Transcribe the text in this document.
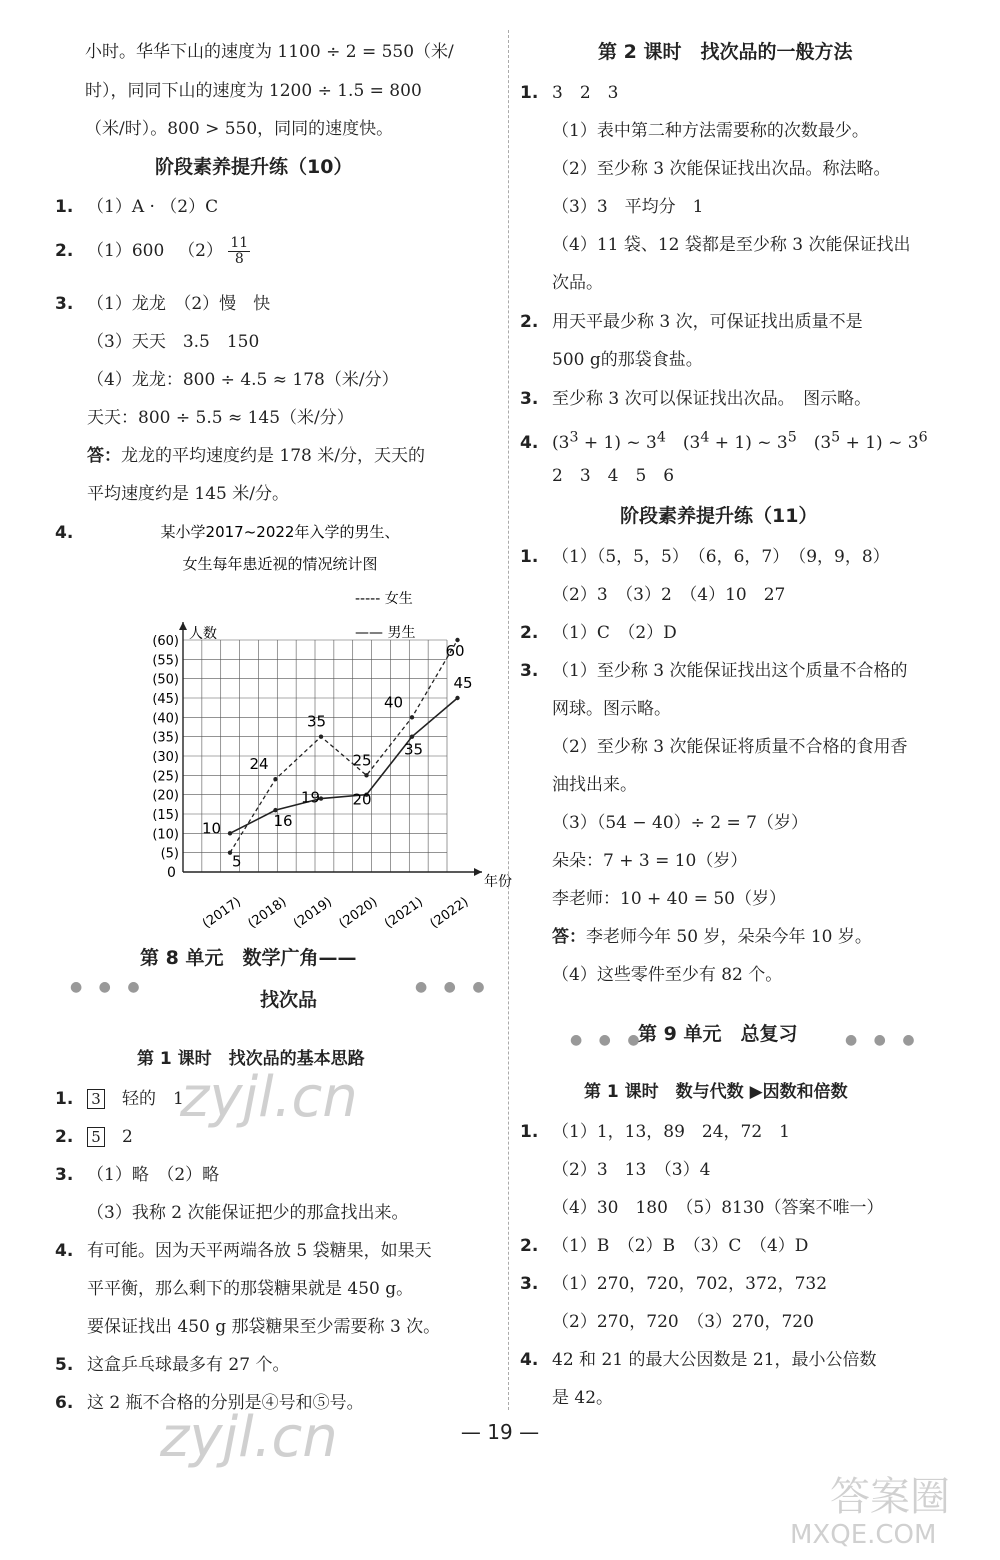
小时。华华下山的速度为 1100 ÷ 2 = 550（米/
时），同同下山的速度为 1200 ÷ 1.5 = 800
（米/时）。800 > 550，同同的速度快。
阶段素养提升练（10）
1. （1）A · （2）C
2. （1）600 　$(2) \frac{11}{8}$
3. （1）龙龙　（2）慢　快
（3）天天　3.5　150
（4）龙龙：800 ÷ 4.5 ≈ 178（米/分）
天天：800 ÷ 5.5 ≈ 145（米/分）
答：龙龙的平均速度约是 178 米/分，天天的
平均速度约是 145 米/分。
4.	某小学2017~2022年入学的男生、
女生每年患近视的情况统计图
----- 女生
—— 男生
人数
年份
0
(5)
(10)
(15)
(20)
(25)
(30)
(35)
(40)
(45)
(50)
(55)
(60)
(2017) (2018) (2019) (2020) (2021) (2022)
5
24
35
25
40
60
10	16
19 20
35
45
● ● ●
第 8 单元　数学广角——
● ● ●
找次品
第 1 课时　找次品的基本思路
1. 3　 轻的　1
2. 5　 2
3. （1）略　（2）略
（3）我称 2 次能保证把少的那盒找出来。
4. 有可能。因为天平两端各放 5 袋糖果，如果天
平平衡，那么剩下的那袋糖果就是 450 g。
要保证找出 450 g 那袋糖果至少需要称 3 次。
5. 这盒乒乓球最多有 27 个。
6. 这 2 瓶不合格的分别是④号和⑤号。
第 2 课时　找次品的一般方法
1. 3　2　3
（1）表中第二种方法需要称的次数最少。
（2）至少称 3 次能保证找出次品。称法略。
（3）3　平均分　1
（4）11 袋、12 袋都是至少称 3 次能保证找出
次品。
2. 用天平最少称 3 次，可保证找出质量不是
500 g的那袋食盐。
3. 至少称 3 次可以保证找出次品。　图示略。
4. $(3^3 + 1)$ ~ $3^4$　$(3^4 + 1)$ ~ $3^5$　$(3^5 + 1)$ ~ $3^6$
2　3　4　5　6
阶段素养提升练（11）
1. （1）（5，5，5）　（6，6，7）　（9，9，8）
（2）3　（3）2　（4）10　27
2. （1）C　（2）D
3. （1）至少称 3 次能保证找出这个质量不合格的
网球。图示略。
（2）至少称 3 次能保证将质量不合格的食用香
油找出来。
（3）（54 − 40）÷ 2 = 7（岁）
朵朵：7 + 3 = 10（岁）
李老师：10 + 40 = 50（岁）
答：李老师今年 50 岁，朵朵今年 10 岁。
（4）这些零件至少有 82 个。
● ● ●
第 9 单元　总复习	● ● ●
第 1 课时　数与代数 ▶因数和倍数
1. （1）1，13，89　24，72　1
（2）3　13　（3）4
（4）30　180　（5）8130（答案不唯一）
2. （1）B　（2）B　（3）C　（4）D
3. （1）270，720，702，372，732
（2）270，720　（3）270，720
4. 42 和 21 的最大公因数是 21，最小公倍数
是 42。
— 19 —
zyjl.cn
zyjl.cn
答案圈
MXQE.COM
